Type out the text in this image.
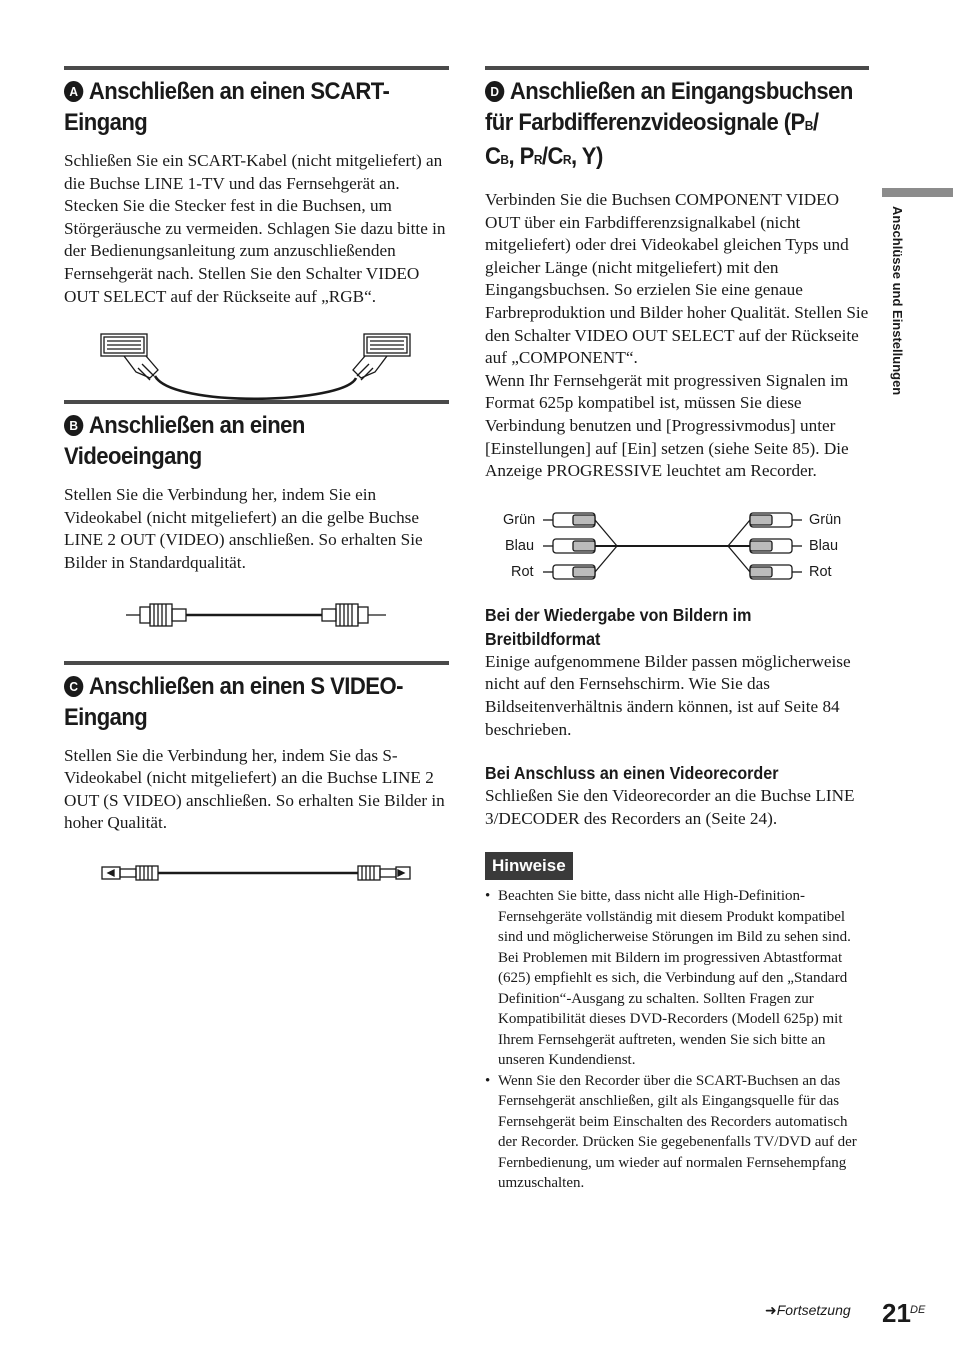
A Anschließen an einen SCART-
Eingang

Schließen Sie ein SCART-Kabel (nicht mitgeliefert) an die Buchse LINE 1-TV und das Fernsehgerät an. Stecken Sie die Stecker fest in die Buchsen, um Störgeräusche zu vermeiden. Schlagen Sie dazu bitte in der Bedienungsanleitung zum anzuschließenden Fernsehgerät nach. Stellen Sie den Schalter VIDEO OUT SELECT auf der Rückseite auf „RGB“.

B Anschließen an einen
Videoeingang

Stellen Sie die Verbindung her, indem Sie ein Videokabel (nicht mitgeliefert) an die gelbe Buchse LINE 2 OUT (VIDEO) anschließen. So erhalten Sie Bilder in Standardqualität.

C Anschließen an einen S VIDEO-
Eingang

Stellen Sie die Verbindung her, indem Sie das S-Videokabel (nicht mitgeliefert) an die Buchse LINE 2 OUT (S VIDEO) anschließen. So erhalten Sie Bilder in hoher Qualität.

D Anschließen an Eingangsbuchsen
für Farbdifferenzvideosignale (PB/
CB, PR/CR, Y)

Verbinden Sie die Buchsen COMPONENT VIDEO OUT über ein Farbdifferenzsignalkabel (nicht mitgeliefert) oder drei Videokabel gleichen Typs und gleicher Länge (nicht mitgeliefert) mit den Eingangsbuchsen. So erzielen Sie eine genaue Farbreproduktion und Bilder hoher Qualität. Stellen Sie den Schalter VIDEO OUT SELECT auf der Rückseite auf „COMPONENT“.

Wenn Ihr Fernsehgerät mit progressiven Signalen im Format 625p kompatibel ist, müssen Sie diese Verbindung benutzen und [Progressivmodus] unter [Einstellungen] auf [Ein] setzen (siehe Seite 85). Die Anzeige PROGRESSIVE leuchtet am Recorder.

Grün
Blau
Rot
Grün
Blau
Rot
Bei der Wiedergabe von Bildern im
Breitbildformat

Einige aufgenommene Bilder passen möglicherweise nicht auf den Fernsehschirm. Wie Sie das Bildseitenverhältnis ändern können, ist auf Seite 84 beschrieben.

Bei Anschluss an einen Videorecorder

Schließen Sie den Videorecorder an die Buchse LINE 3/DECODER des Recorders an (Seite 24).

Hinweise
• Beachten Sie bitte, dass nicht alle High-Definition-Fernsehgeräte vollständig mit diesem Produkt kompatibel sind und möglicherweise Störungen im Bild zu sehen sind. Bei Problemen mit Bildern im progressiven Abtastformat (625) empfiehlt es sich, die Verbindung auf den „Standard Definition“-Ausgang zu schalten. Sollten Fragen zur Kompatibilität dieses DVD-Recorders (Modell 625p) mit Ihrem Fernsehgerät auftreten, wenden Sie sich bitte an unseren Kundendienst.
• Wenn Sie den Recorder über die SCART-Buchsen an das Fernsehgerät anschließen, gilt als Eingangsquelle für das Fernsehgerät beim Einschalten des Recorders automatisch der Recorder. Drücken Sie gegebenenfalls TV/DVD auf der Fernbedienung, um wieder auf normalen Fernsehempfang umzuschalten.
Anschlüsse und Einstellungen
➜Fortsetzung 21 DE
